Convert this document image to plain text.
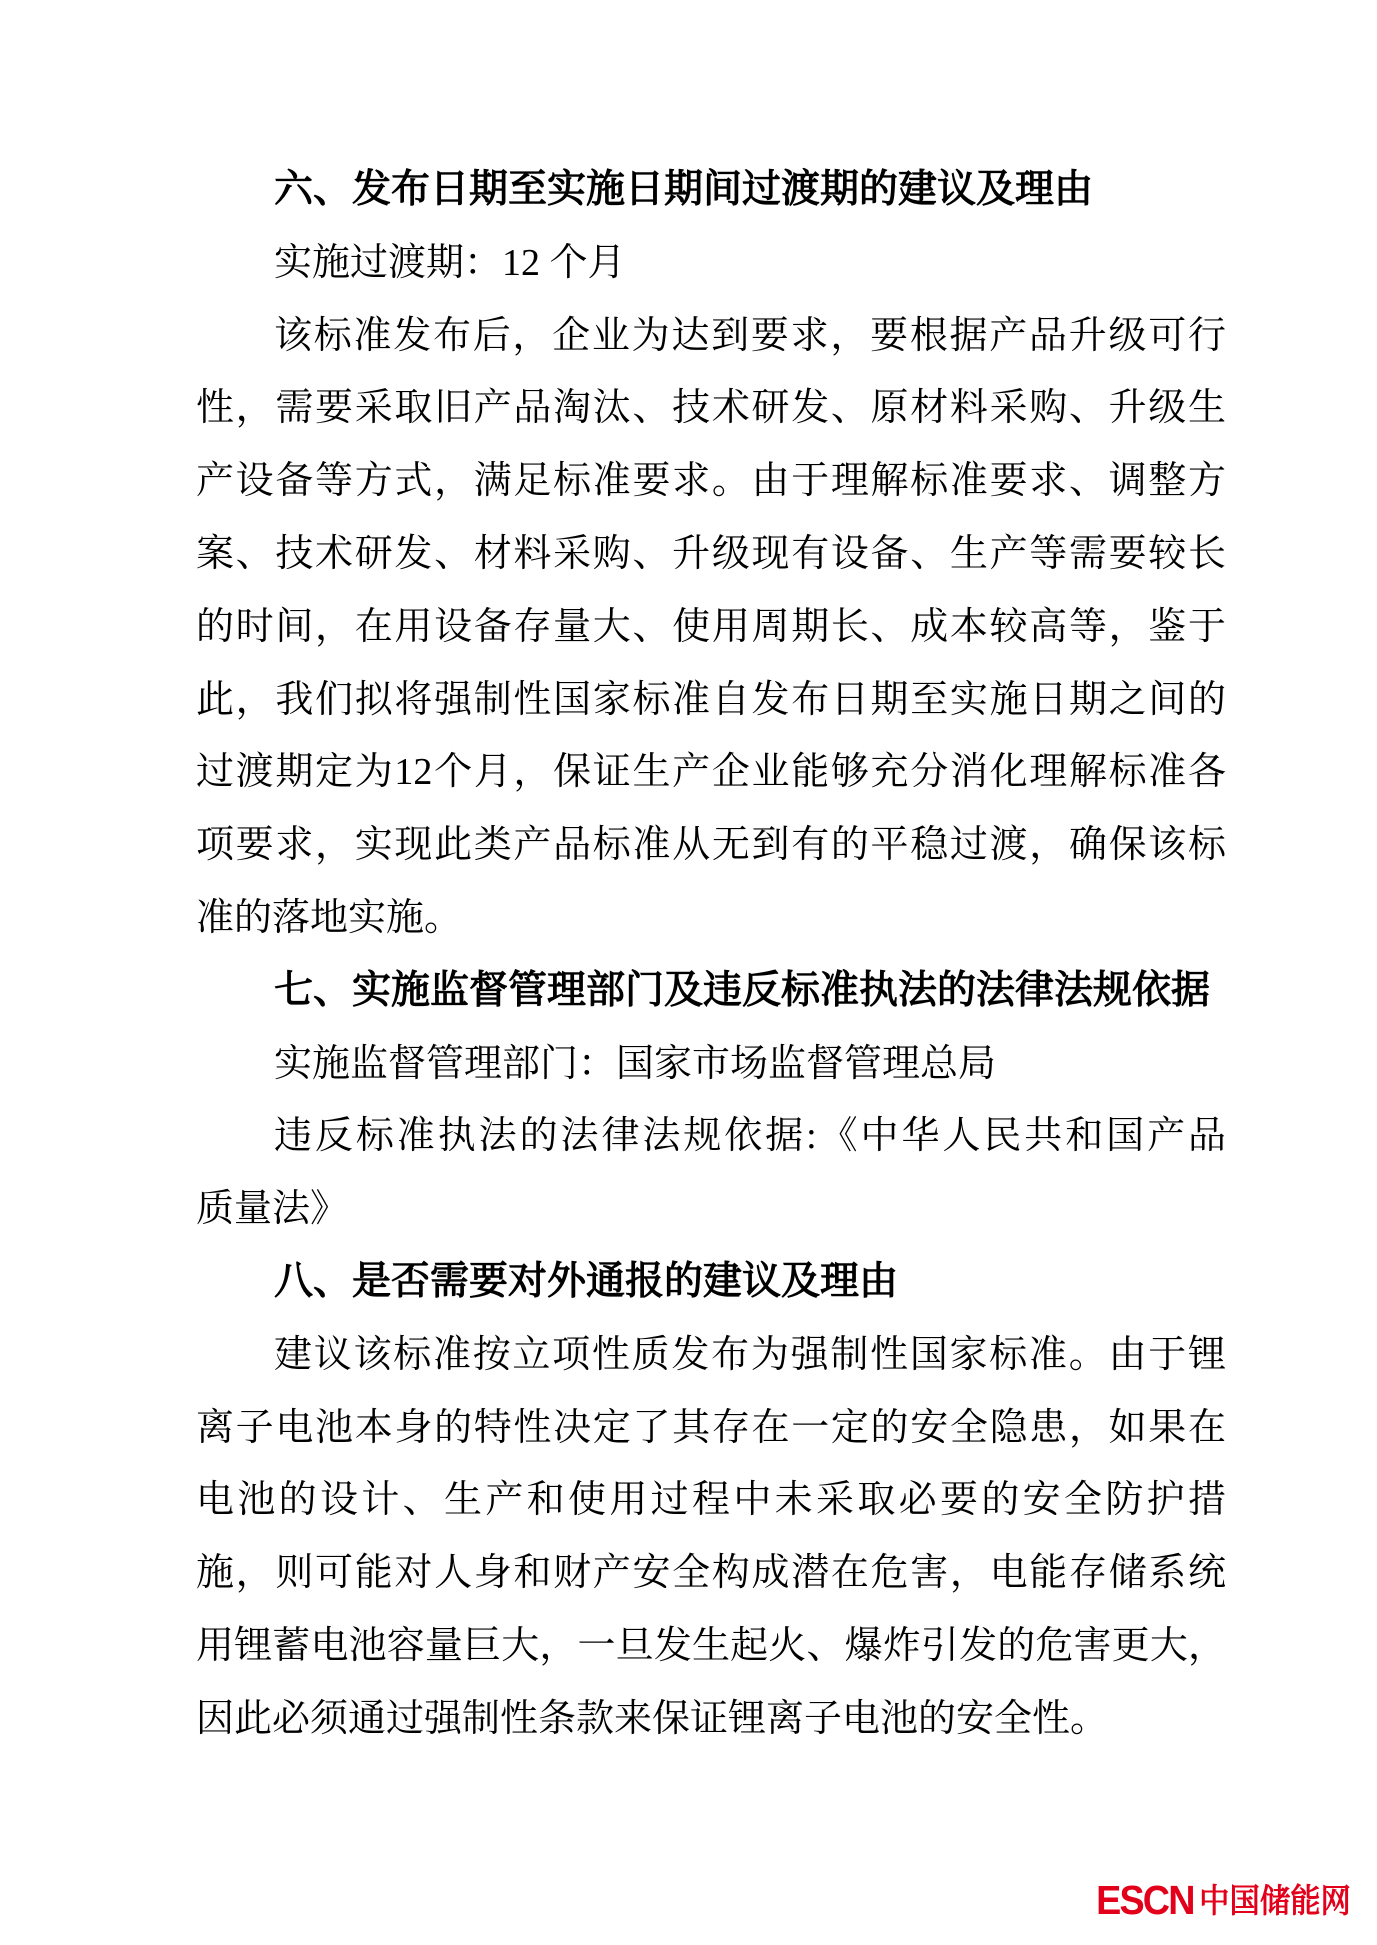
六、发布日期至实施日期间过渡期的建议及理由
实施过渡期：12 个月
该标准发布后，企业为达到要求，要根据产品升级可行
性，需要采取旧产品淘汰、技术研发、原材料采购、升级生
产设备等方式，满足标准要求。由于理解标准要求、调整方
案、技术研发、材料采购、升级现有设备、生产等需要较长
的时间，在用设备存量大、使用周期长、成本较高等，鉴于
此，我们拟将强制性国家标准自发布日期至实施日期之间的
过渡期定为12个月，保证生产企业能够充分消化理解标准各
项要求，实现此类产品标准从无到有的平稳过渡，确保该标
准的落地实施。
七、实施监督管理部门及违反标准执法的法律法规依据
实施监督管理部门：国家市场监督管理总局
违反标准执法的法律法规依据:《中华人民共和国产品
质量法》
八、是否需要对外通报的建议及理由
建议该标准按立项性质发布为强制性国家标准。由于锂
离子电池本身的特性决定了其存在一定的安全隐患，如果在
电池的设计、生产和使用过程中未采取必要的安全防护措
施，则可能对人身和财产安全构成潜在危害，电能存储系统
用锂蓄电池容量巨大，一旦发生起火、爆炸引发的危害更大，
因此必须通过强制性条款来保证锂离子电池的安全性。
ESCN 中国储能网
